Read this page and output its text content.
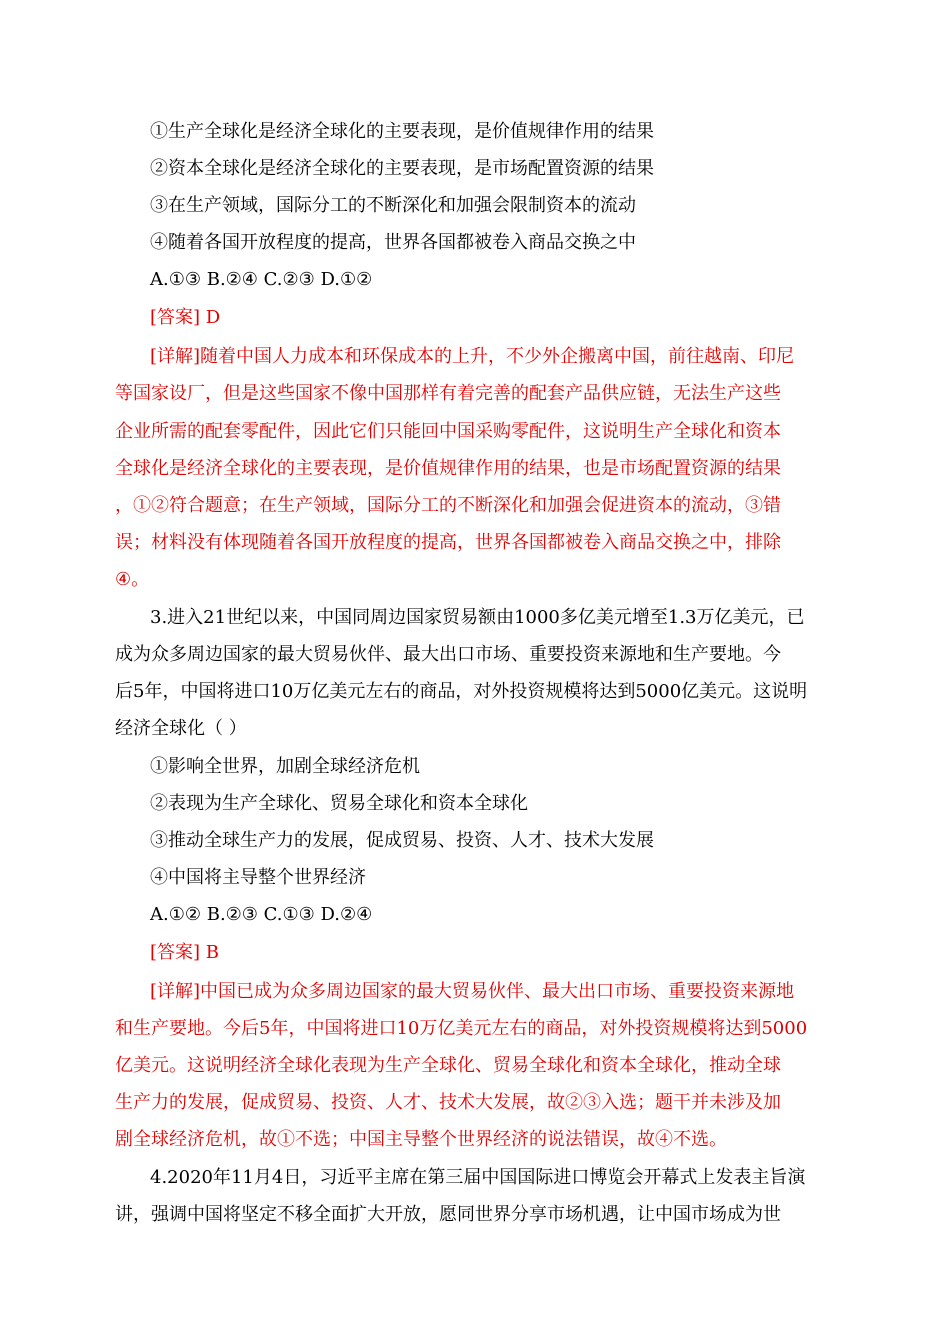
①生产全球化是经济全球化的主要表现，是价值规律作用的结果
②资本全球化是经济全球化的主要表现，是市场配置资源的结果
③在生产领域，国际分工的不断深化和加强会限制资本的流动
④随着各国开放程度的提高，世界各国都被卷入商品交换之中
A.①③ B.②④ C.②③ D.①②
[答案] D
[详解]随着中国人力成本和环保成本的上升，不少外企搬离中国，前往越南、印尼
等国家设厂，但是这些国家不像中国那样有着完善的配套产品供应链，无法生产这些
企业所需的配套零配件，因此它们只能回中国采购零配件，这说明生产全球化和资本
全球化是经济全球化的主要表现，是价值规律作用的结果，也是市场配置资源的结果
，①②符合题意；在生产领域，国际分工的不断深化和加强会促进资本的流动，③错
误；材料没有体现随着各国开放程度的提高，世界各国都被卷入商品交换之中，排除
④。
3.进入21世纪以来，中国同周边国家贸易额由1000多亿美元增至1.3万亿美元，已
成为众多周边国家的最大贸易伙伴、最大出口市场、重要投资来源地和生产要地。今
后5年，中国将进口10万亿美元左右的商品，对外投资规模将达到5000亿美元。这说明
经济全球化（ ）
①影响全世界，加剧全球经济危机
②表现为生产全球化、贸易全球化和资本全球化
③推动全球生产力的发展，促成贸易、投资、人才、技术大发展
④中国将主导整个世界经济
A.①② B.②③ C.①③ D.②④
[答案] B
[详解]中国已成为众多周边国家的最大贸易伙伴、最大出口市场、重要投资来源地
和生产要地。今后5年，中国将进口10万亿美元左右的商品，对外投资规模将达到5000
亿美元。这说明经济全球化表现为生产全球化、贸易全球化和资本全球化，推动全球
生产力的发展，促成贸易、投资、人才、技术大发展，故②③入选；题干并未涉及加
剧全球经济危机，故①不选；中国主导整个世界经济的说法错误，故④不选。
4.2020年11月4日，习近平主席在第三届中国国际进口博览会开幕式上发表主旨演
讲，强调中国将坚定不移全面扩大开放，愿同世界分享市场机遇，让中国市场成为世
